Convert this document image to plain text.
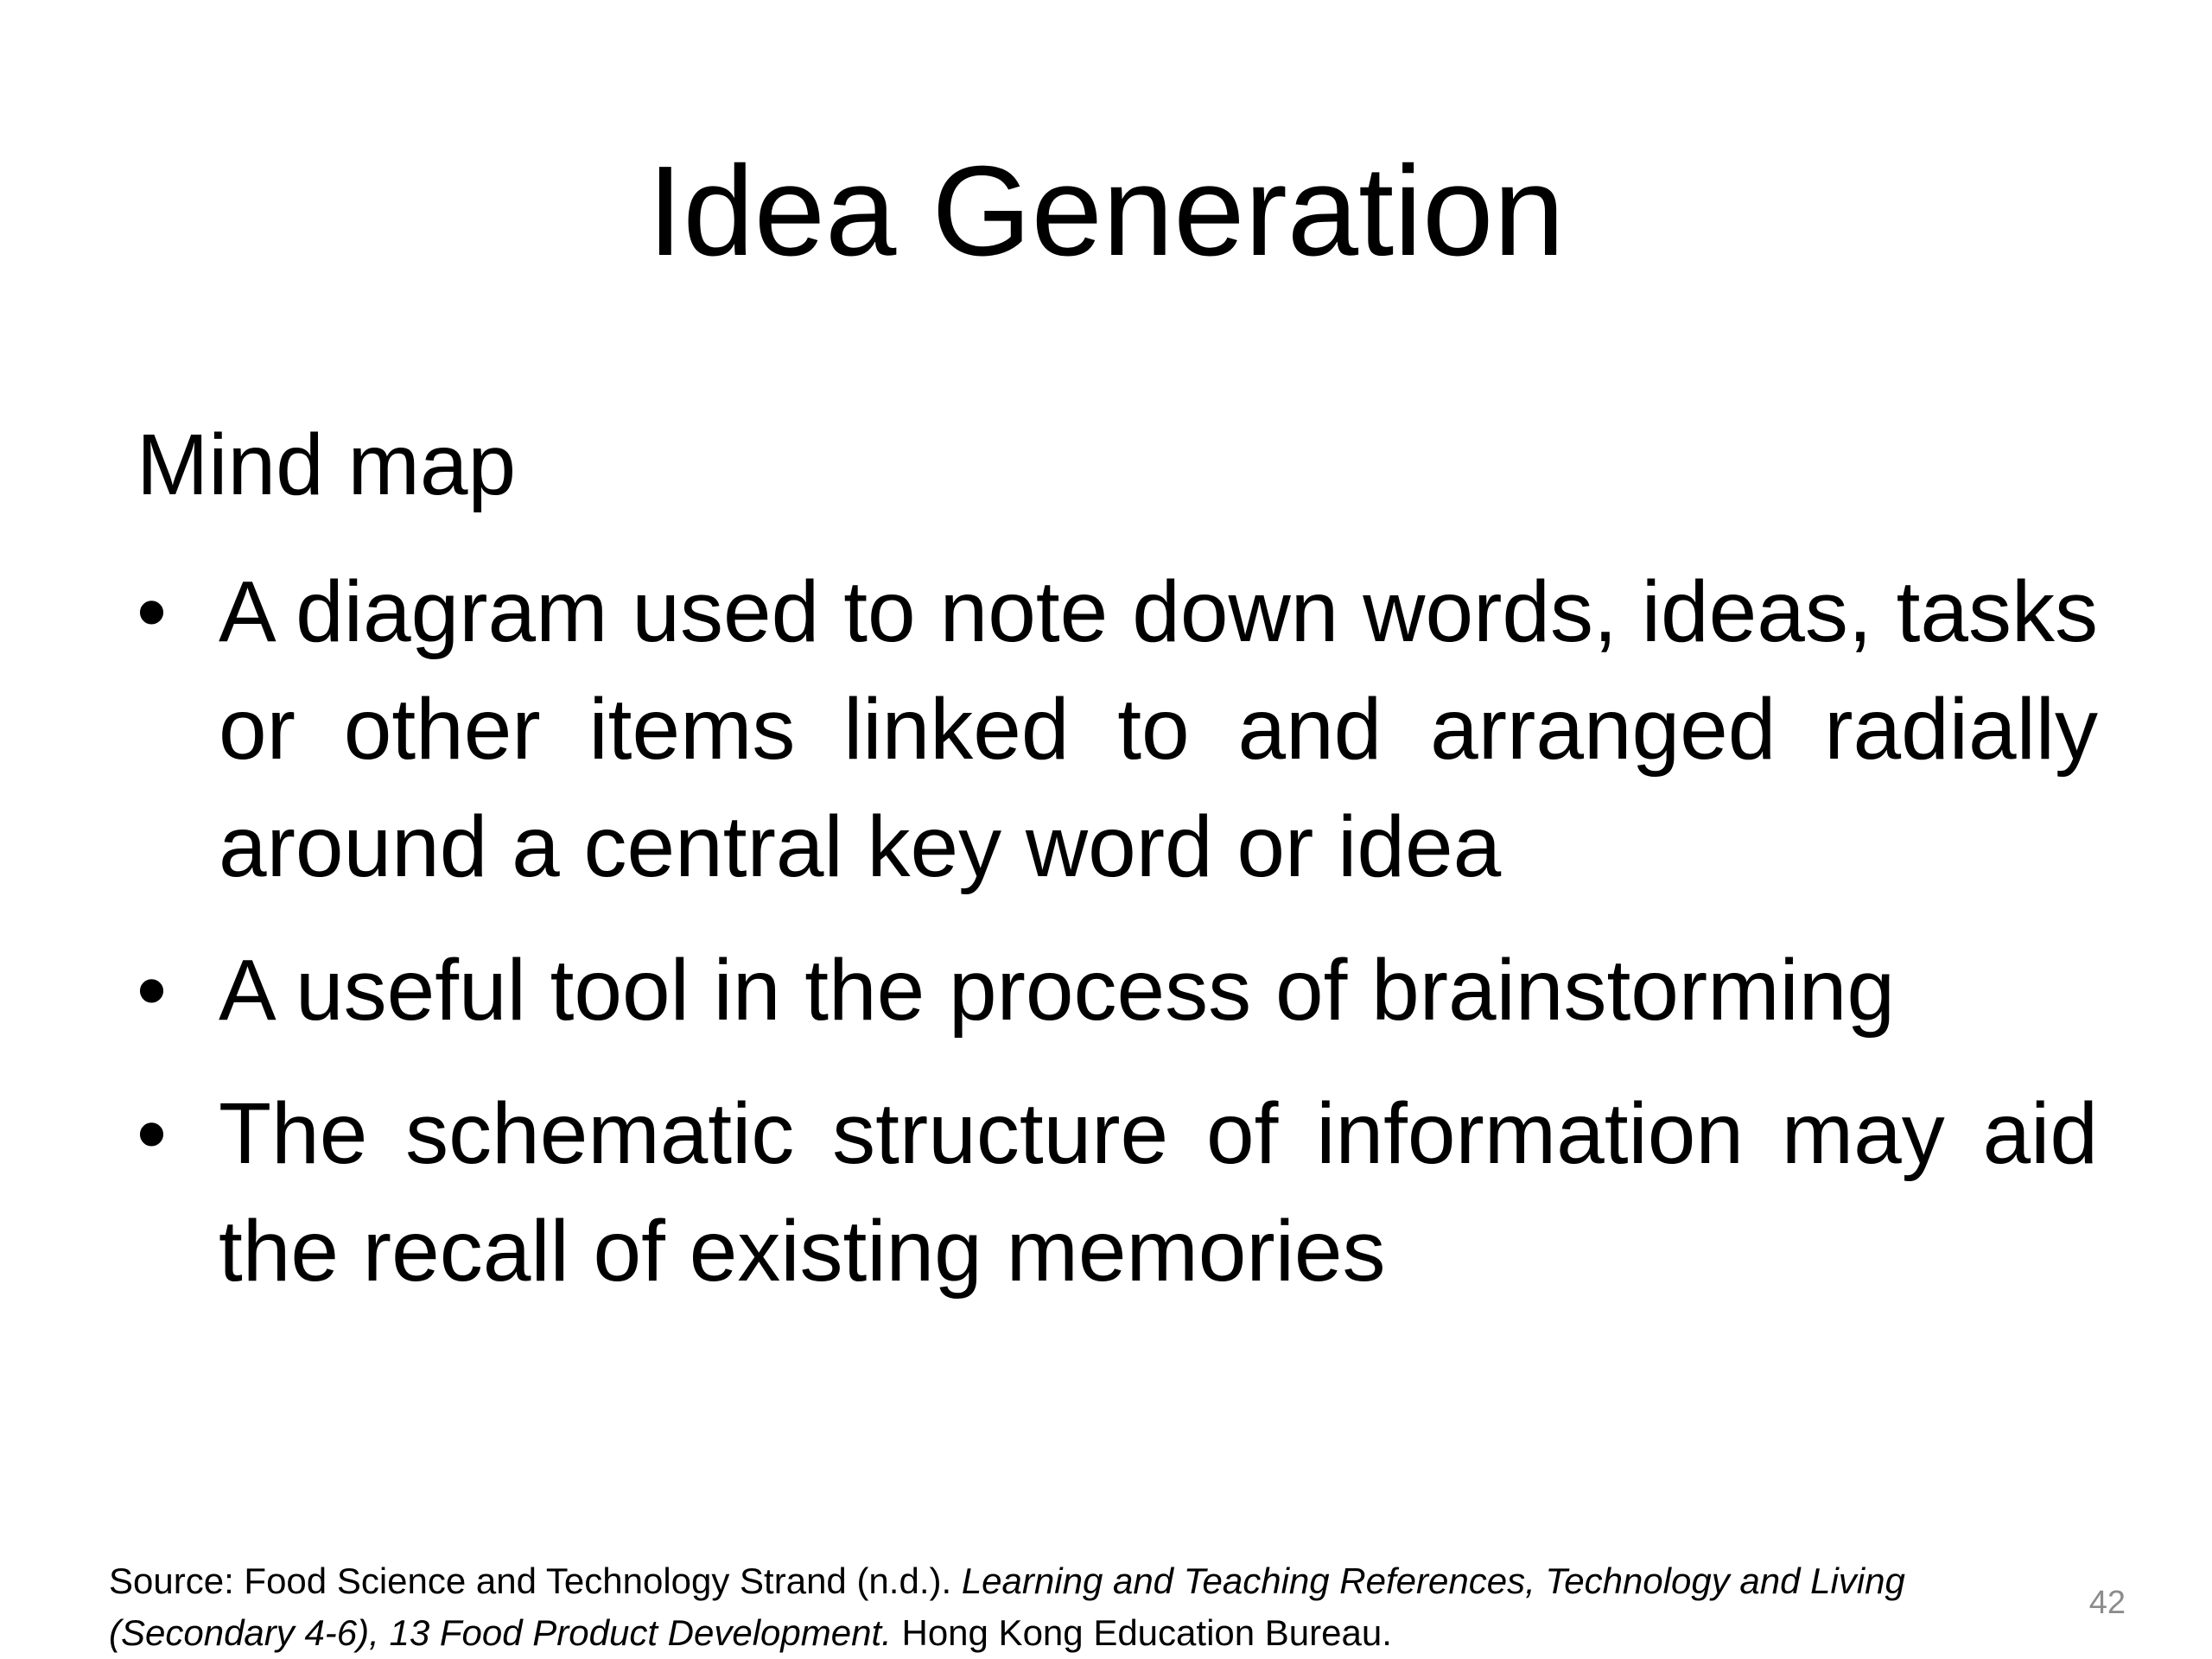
Idea Generation
Mind map
• A diagram used to note down words, ideas, tasks or other items linked to and arranged radially around a central key word or idea
• A useful tool in the process of brainstorming
• The schematic structure of information may aid the recall of existing memories
Source: Food Science and Technology Strand (n.d.). Learning and Teaching References, Technology and Living (Secondary 4-6), 13 Food Product Development. Hong Kong Education Bureau.
42
